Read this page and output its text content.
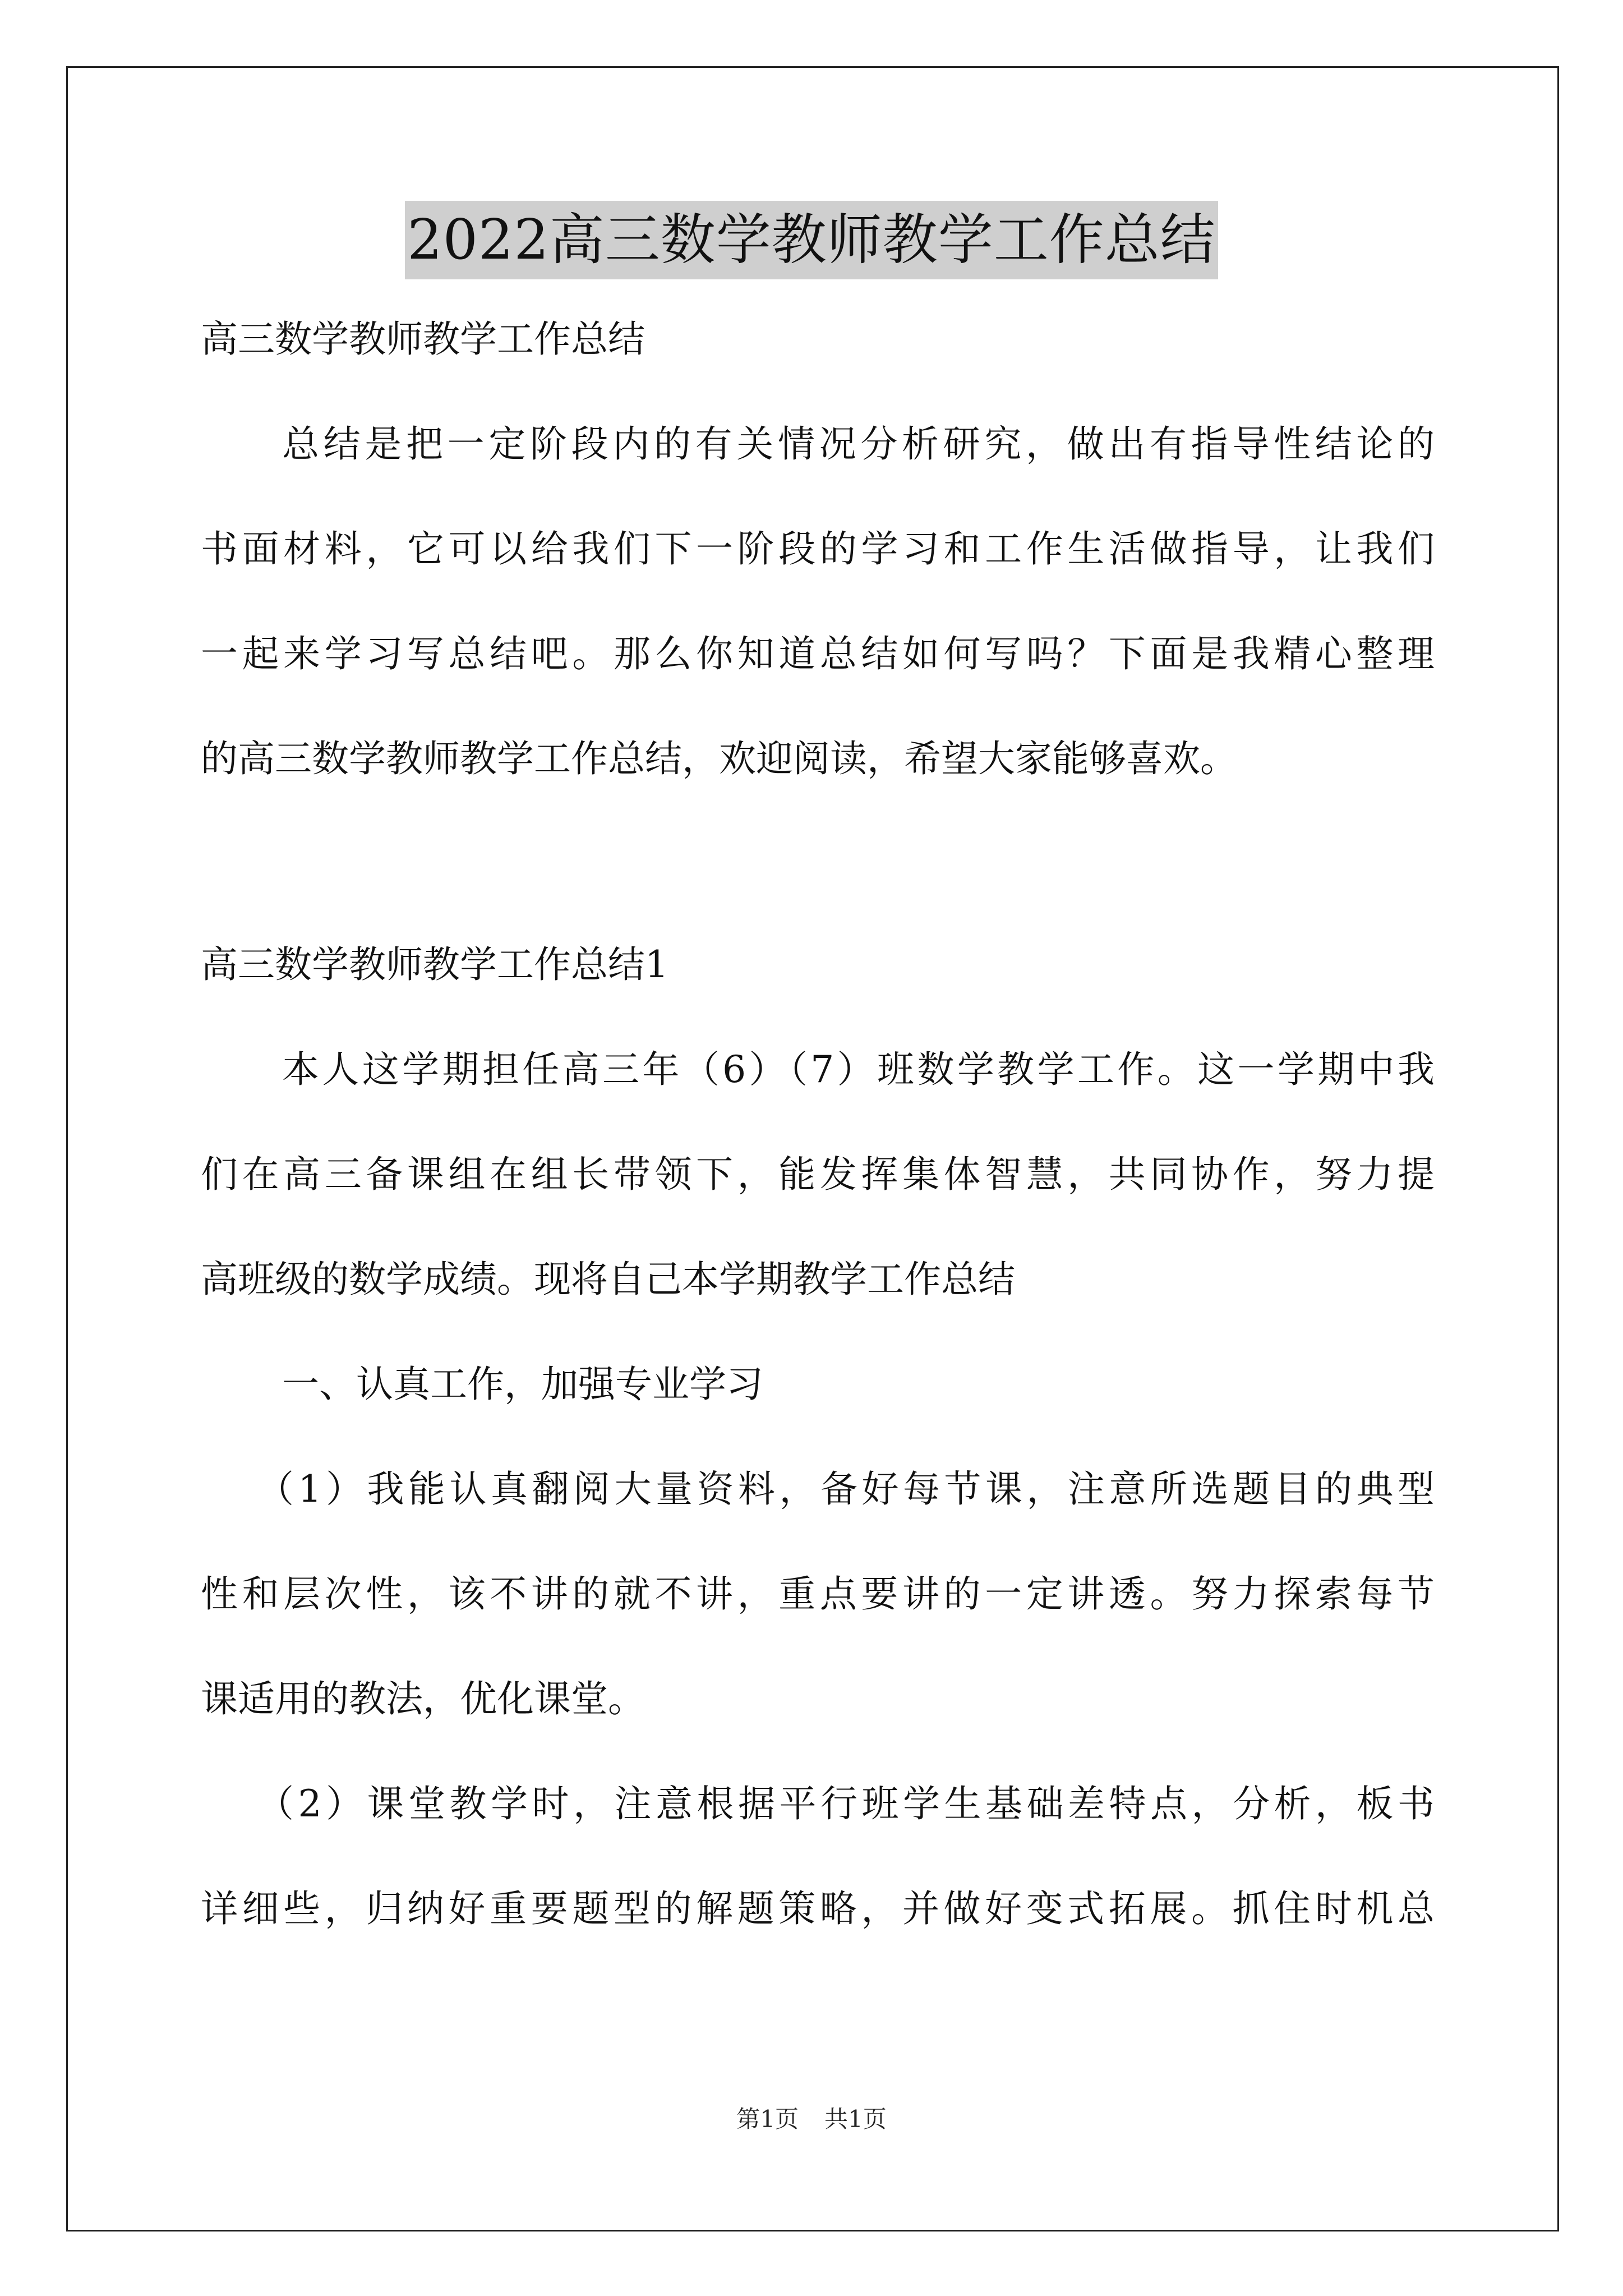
2022高三数学教师教学工作总结
高三数学教师教学工作总结
总结是把一定阶段内的有关情况分析研究，做出有指导性结论的
书面材料，它可以给我们下一阶段的学习和工作生活做指导，让我们
一起来学习写总结吧。那么你知道总结如何写吗？下面是我精心整理
的高三数学教师教学工作总结，欢迎阅读，希望大家能够喜欢。
高三数学教师教学工作总结1
本人这学期担任高三年（6）（7）班数学教学工作。这一学期中我
们在高三备课组在组长带领下，能发挥集体智慧，共同协作，努力提
高班级的数学成绩。现将自己本学期教学工作总结
一、认真工作，加强专业学习
（1）我能认真翻阅大量资料，备好每节课，注意所选题目的典型
性和层次性，该不讲的就不讲，重点要讲的一定讲透。努力探索每节
课适用的教法，优化课堂。
（2）课堂教学时，注意根据平行班学生基础差特点，分析，板书
详细些，归纳好重要题型的解题策略，并做好变式拓展。抓住时机总
第1页 共1页
